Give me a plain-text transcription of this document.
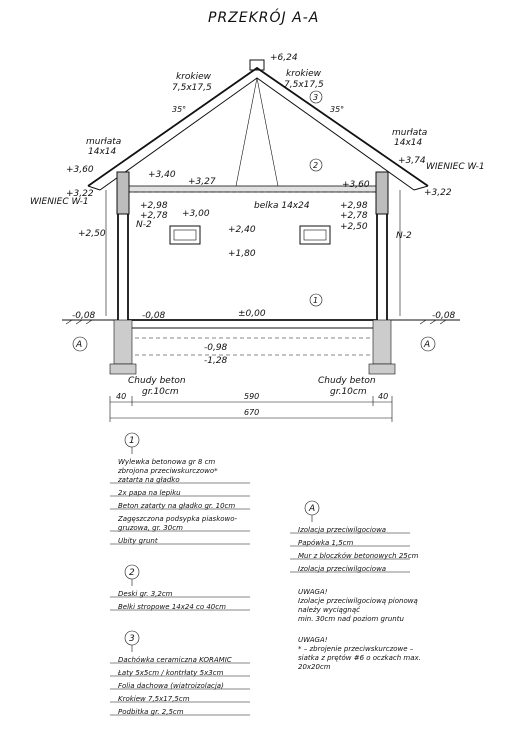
PRZEKRÓJ A-A
+6,24
krokiew
7,5x17,5
krokiew
7,5x17,5
35°	35°
3
murłata
14x14
murłata
14x14
+3,60	+3,40
+3,27	+3,60
+3,74
+3,22	+3,22
+2,98
+2,78 +3,00
+2,98
+2,78
+2,50
+2,50
+2,40
+1,80
-0,08	-0,08	±0,00	-0,08
-0,98
-1,28
WIENIEC W-1
WIENIEC W-1
belka 14x24
N-2
N-2
2
1
A	A
Chudy beton
gr.10cm
Chudy beton
gr.10cm
40	590	40
670
1
Wylewka betonowa gr 8 cm
zbrojona przeciwskurczowo*
zatarta na gładko
2x papa na lepiku
Beton zatarty na gładko gr. 10cm
Zagęszczona podsypka piaskowo-
gruzowa, gr. 30cm
Ubity grunt
2
Deski gr. 3,2cm
Belki stropowe 14x24 co 40cm
3
Dachówka ceramiczna KORAMIC
Łaty 5x5cm / kontrłaty 5x3cm
Folia dachowa (wiatroizolacja)
Krokiew 7,5x17,5cm
Podbitka gr. 2,5cm
A
Izolacja przeciwilgociowa
Papówka 1,5cm
Mur z bloczków betonowych 25cm
Izolacja przeciwilgociowa
UWAGA!
Izolacje przeciwilgociową pionową
należy wyciągnąć
min. 30cm nad poziom gruntu
UWAGA!
* – zbrojenie przeciwskurczowe –
siatka z prętów #6 o oczkach max.
20x20cm
